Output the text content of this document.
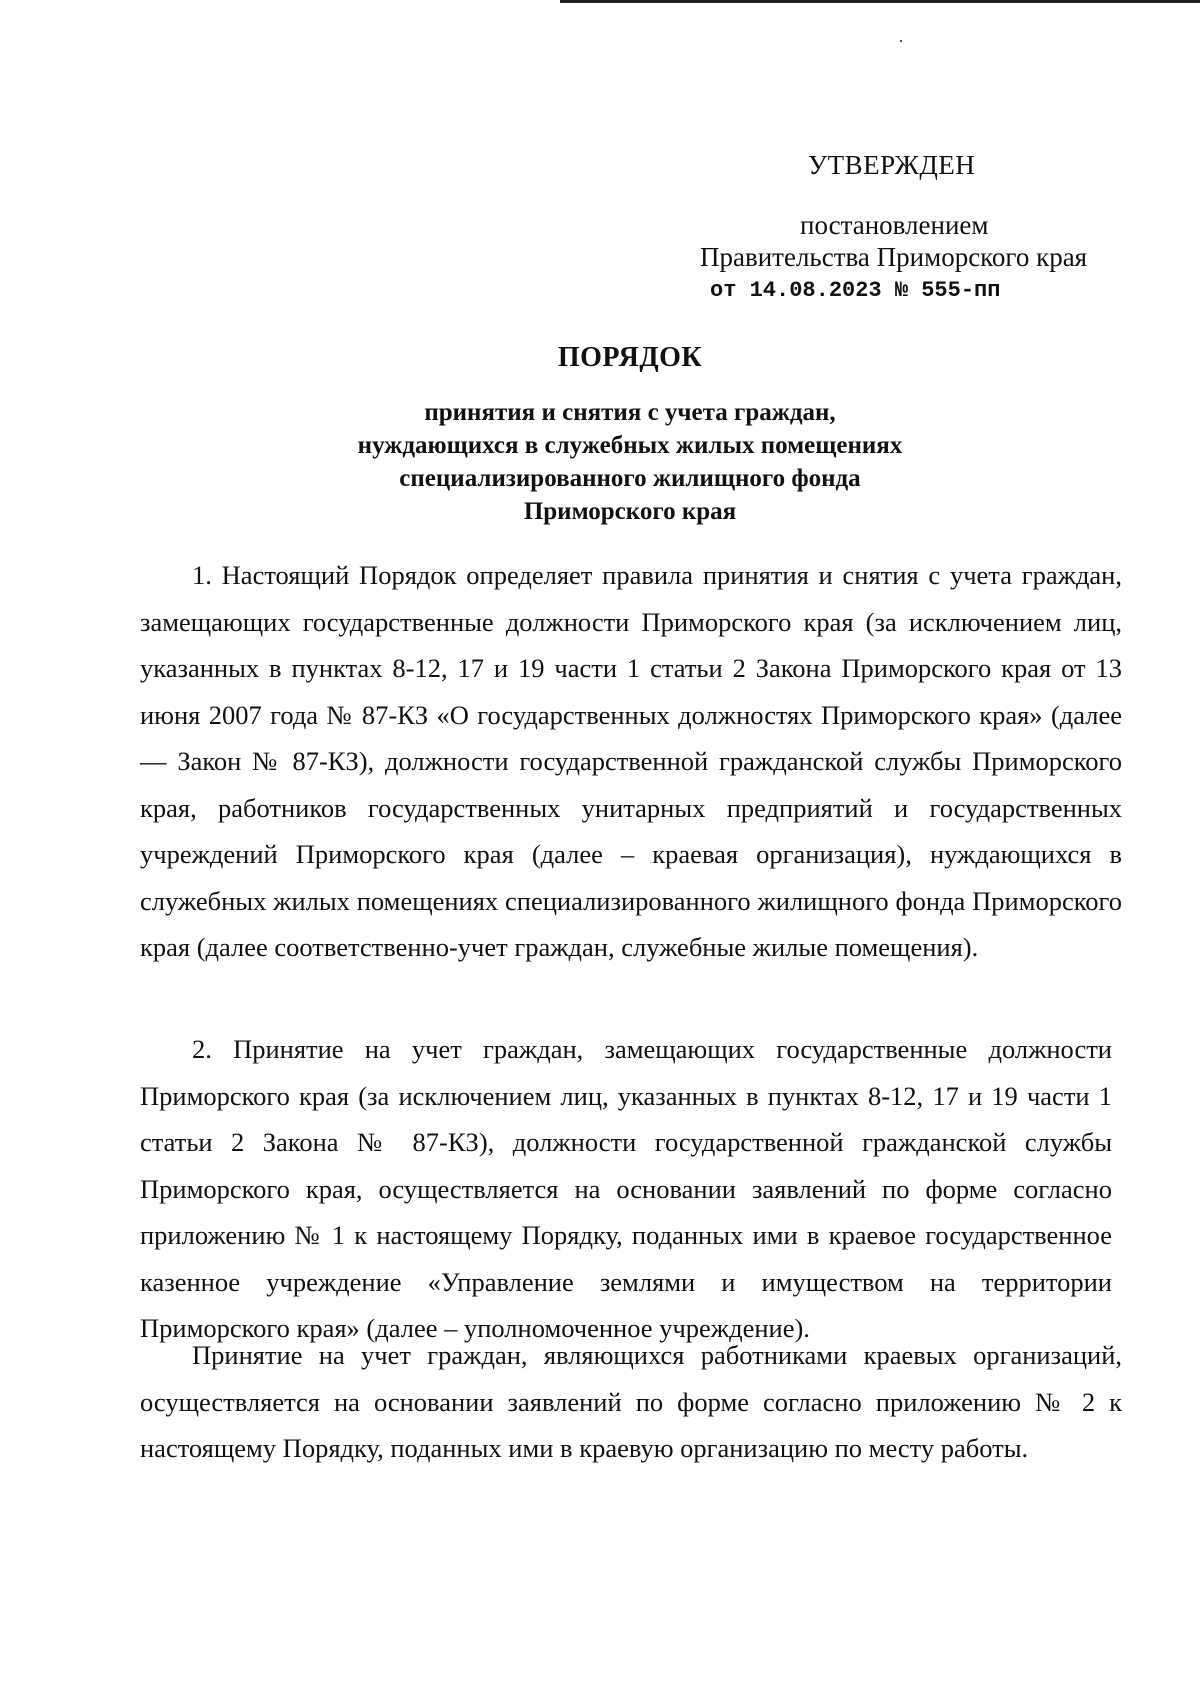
УТВЕРЖДЕН
постановлением
Правительства Приморского края
от 14.08.2023 № 555-пп
ПОРЯДОК
принятия и снятия с учета граждан,
нуждающихся в служебных жилых помещениях
специализированного жилищного фонда
Приморского края

1. Настоящий Порядок определяет правила принятия и снятия с учета граждан, замещающих государственные должности Приморского края (за исключением лиц, указанных в пунктах 8-12, 17 и 19 части 1 статьи 2 Закона Приморского края от 13 июня 2007 года № 87-КЗ «О государственных должностях Приморского края» (далее — Закон № 87-КЗ), должности государственной гражданской службы Приморского края, работников государственных унитарных предприятий и государственных учреждений Приморского края (далее – краевая организация), нуждающихся в служебных жилых помещениях специализированного жилищного фонда Приморского края (далее соответственно-учет граждан, служебные жилые помещения).

2. Принятие на учет граждан, замещающих государственные должности Приморского края (за исключением лиц, указанных в пунктах 8-12, 17 и 19 части 1 статьи 2 Закона № 87-КЗ), должности государственной гражданской службы Приморского края, осуществляется на основании заявлений по форме согласно приложению № 1 к настоящему Порядку, поданных ими в краевое государственное казенное учреждение «Управление землями и имуществом на территории Приморского края» (далее – уполномоченное учреждение).

Принятие на учет граждан, являющихся работниками краевых организаций, осуществляется на основании заявлений по форме согласно приложению № 2 к настоящему Порядку, поданных ими в краевую организацию по месту работы.
